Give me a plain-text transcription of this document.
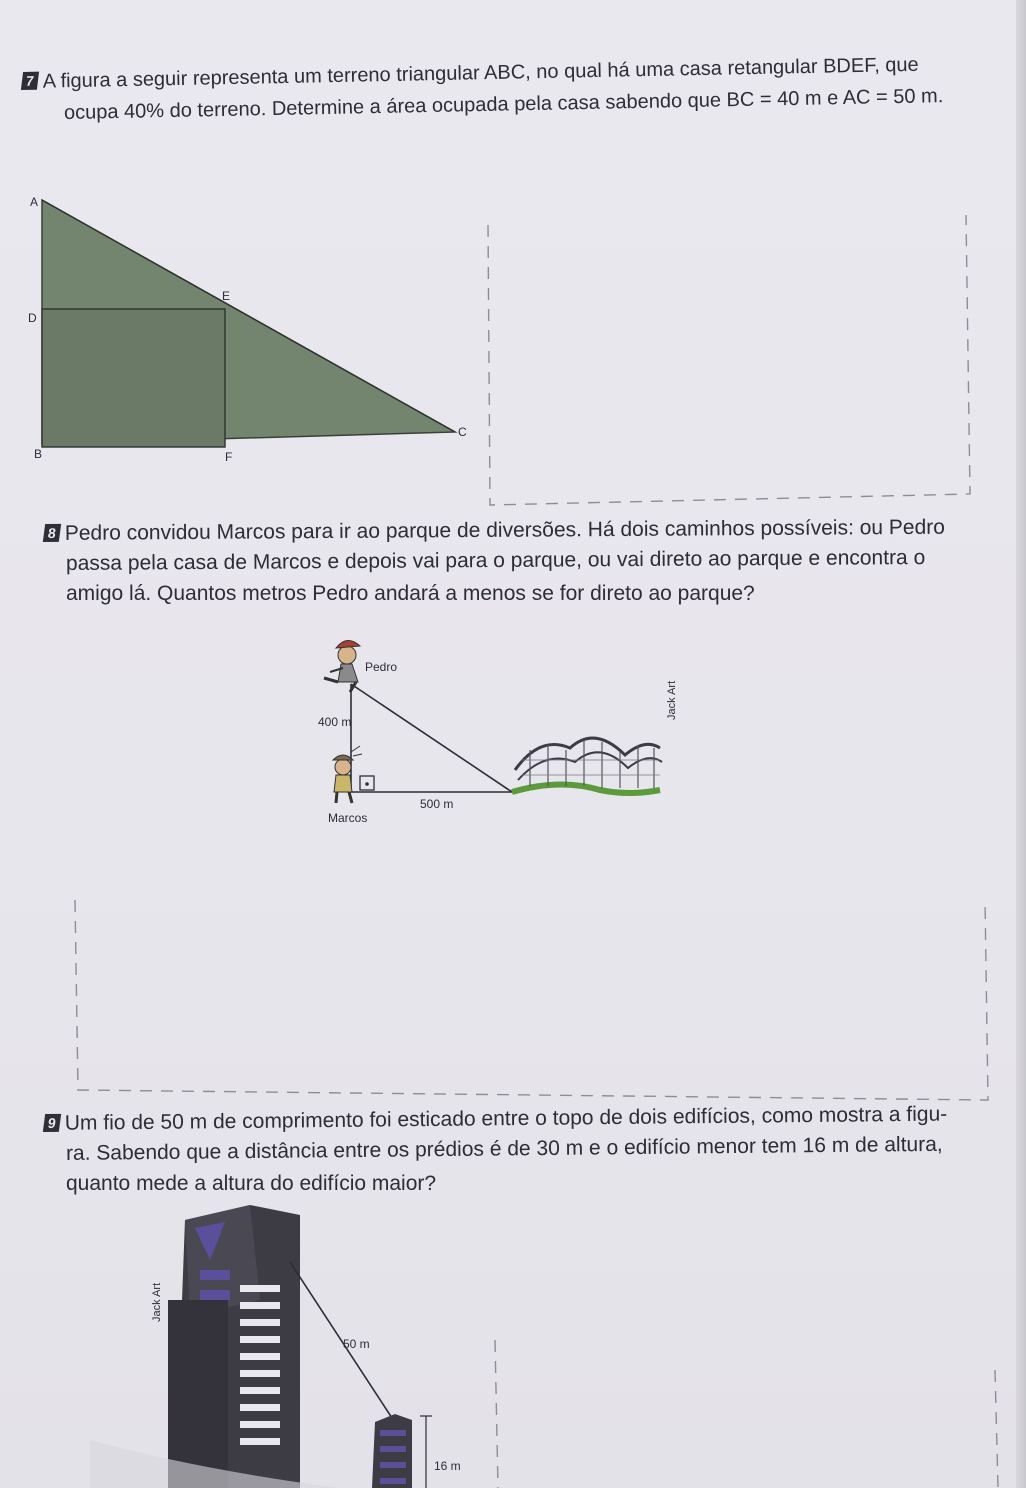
7 A figura a seguir representa um terreno triangular ABC, no qual há uma casa retangular BDEF, que
ocupa 40% do terreno. Determine a área ocupada pela casa sabendo que BC = 40 m e AC = 50 m.
A
E
D
C
B	F
8 Pedro convidou Marcos para ir ao parque de diversões. Há dois caminhos possíveis: ou Pedro
passa pela casa de Marcos e depois vai para o parque, ou vai direto ao parque e encontra o
amigo lá. Quantos metros Pedro andará a menos se for direto ao parque?
Pedro
400 m
Marcos
500 m
Jack Art
9 Um fio de 50 m de comprimento foi esticado entre o topo de dois edifícios, como mostra a figu-
ra. Sabendo que a distância entre os prédios é de 30 m e o edifício menor tem 16 m de altura,
quanto mede a altura do edifício maior?
50 m
Jack Art
16 m
